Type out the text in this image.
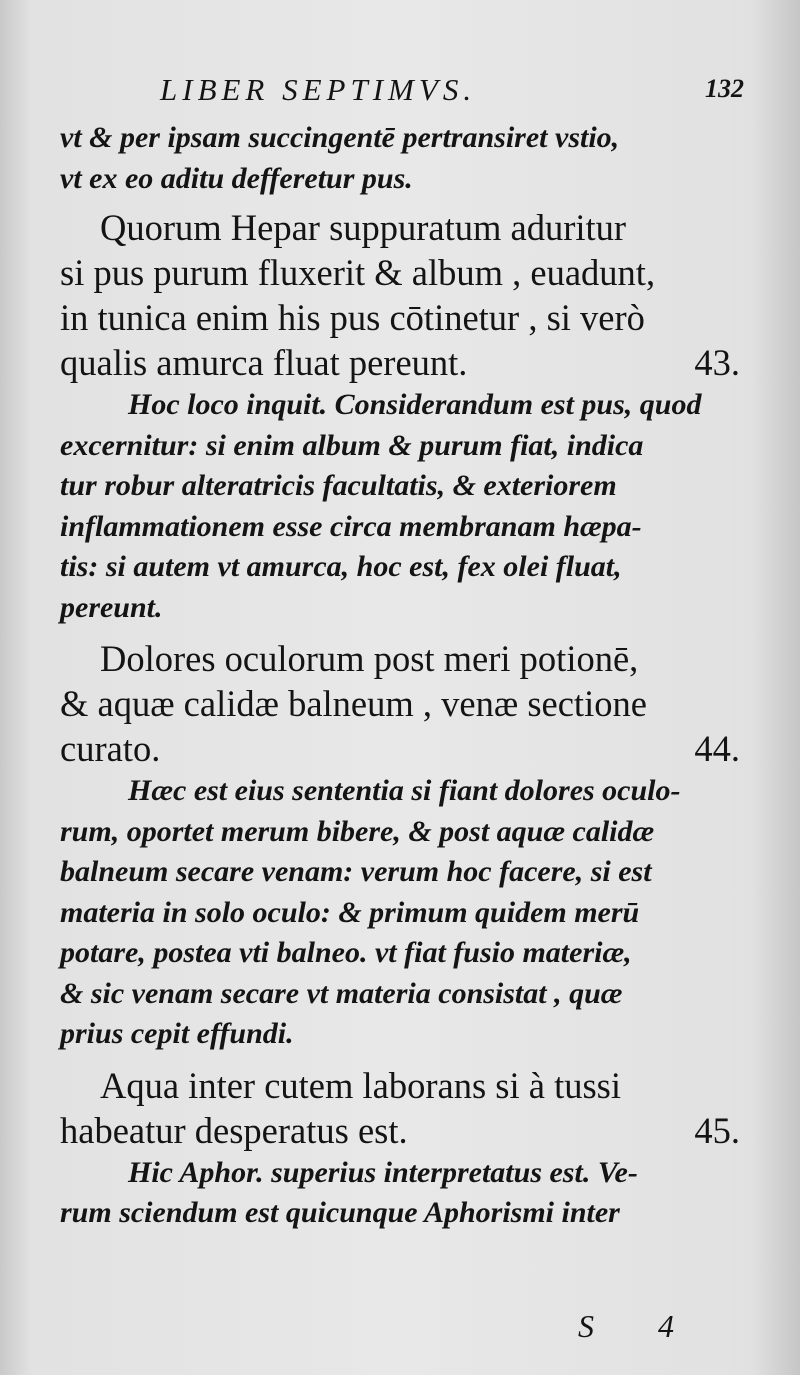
LIBER SEPTIMVS.	132
vt & per ipsam succingentē pertransiret vstio,
vt ex eo aditu defferetur pus.
Quorum Hepar suppuratum aduritur
si pus purum fluxerit & album , euadunt,
in tunica enim his pus cōtinetur , si verò
qualis amurca fluat pereunt.	43.
Hoc loco inquit. Considerandum est pus, quod
excernitur: si enim album & purum fiat, indica
tur robur alteratricis facultatis, & exteriorem
inflammationem esse circa membranam hæpa-
tis: si autem vt amurca, hoc est, fex olei fluat,
pereunt.
Dolores oculorum post meri potionē,
& aquæ calidæ balneum , venæ sectione
curato.	44.
Hæc est eius sententia si fiant dolores oculo-
rum, oportet merum bibere, & post aquæ calidæ
balneum secare venam: verum hoc facere, si est
materia in solo oculo: & primum quidem merū
potare, postea vti balneo. vt fiat fusio materiæ,
& sic venam secare vt materia consistat , quæ
prius cepit effundi.
Aqua inter cutem laborans si à tussi
habeatur desperatus est.	45.
Hic Aphor. superius interpretatus est. Ve-
rum sciendum est quicunque Aphorismi inter
S 4
